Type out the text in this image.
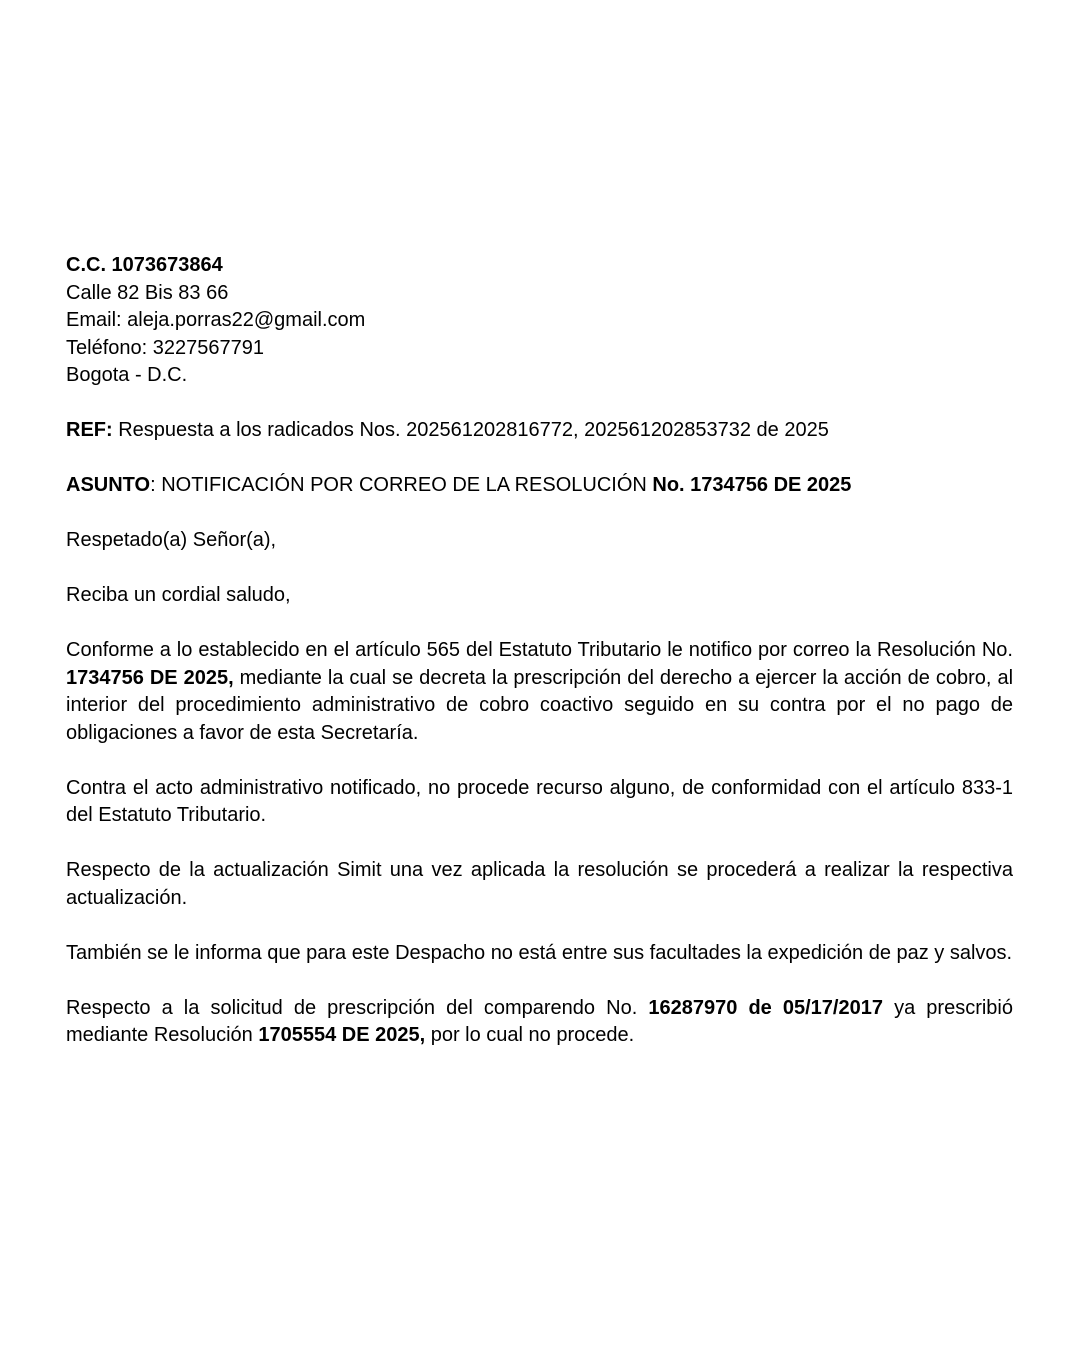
C.C. 1073673864

Calle 82 Bis 83 66

Email: aleja.porras22@gmail.com

Teléfono: 3227567791

Bogota - D.C.

REF: Respuesta a los radicados Nos. 202561202816772, 202561202853732 de 2025

ASUNTO: NOTIFICACIÓN POR CORREO DE LA RESOLUCIÓN No. 1734756 DE 2025

Respetado(a) Señor(a),

Reciba un cordial saludo,

Conforme a lo establecido en el artículo 565 del Estatuto Tributario le notifico por correo la Resolución No. 1734756 DE 2025, mediante la cual se decreta la prescripción del derecho a ejercer la acción de cobro, al interior del procedimiento administrativo de cobro coactivo seguido en su contra por el no pago de obligaciones a favor de esta Secretaría.

Contra el acto administrativo notificado, no procede recurso alguno, de conformidad con el artículo 833-1 del Estatuto Tributario.

Respecto de la actualización Simit una vez aplicada la resolución se procederá a realizar la respectiva actualización.

También se le informa que para este Despacho no está entre sus facultades la expedición de paz y salvos.

Respecto a la solicitud de prescripción del comparendo No. 16287970 de 05/17/2017 ya prescribió mediante Resolución 1705554 DE 2025, por lo cual no procede.
